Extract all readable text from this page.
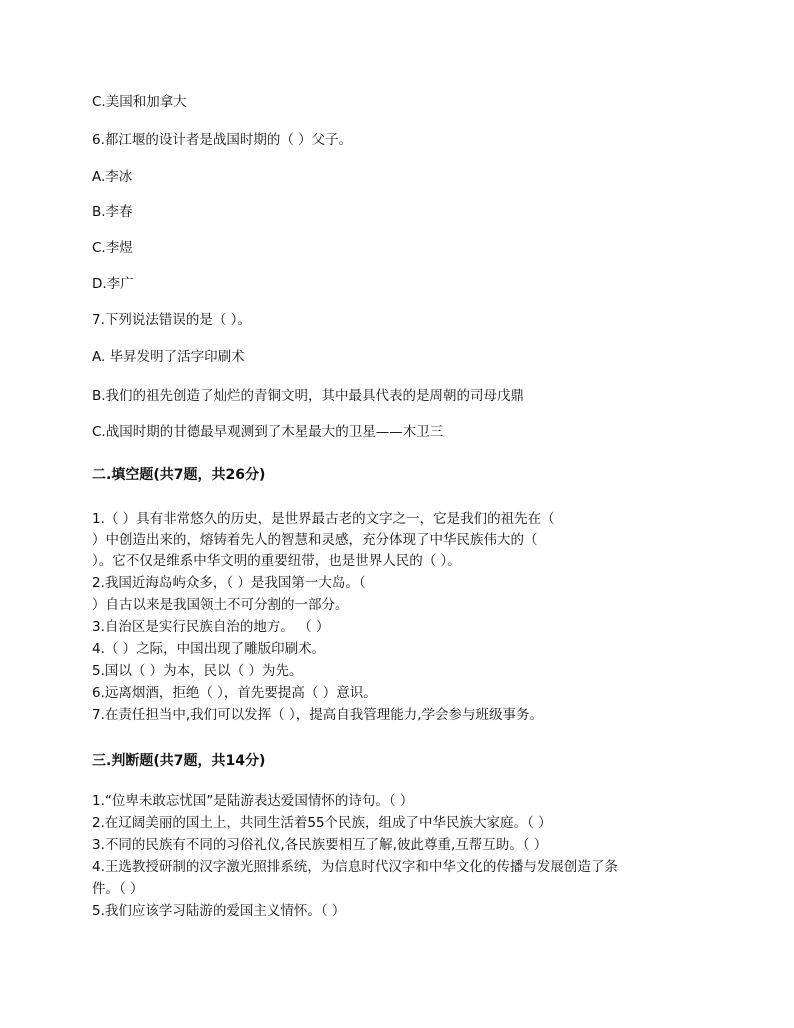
C.美国和加拿大
6.都江堰的设计者是战国时期的（ ）父子。
A.李冰
B.李春
C.李煜
D.李广
7.下列说法错误的是（ ）。
A. 毕昇发明了活字印刷术
B.我们的祖先创造了灿烂的青铜文明，其中最具代表的是周朝的司母戊鼎
C.战国时期的甘德最早观测到了木星最大的卫星——木卫三
二.填空题(共7题，共26分)
1.（ ）具有非常悠久的历史，是世界最古老的文字之一，它是我们的祖先在（
）中创造出来的，熔铸着先人的智慧和灵感，充分体现了中华民族伟大的（
）。它不仅是维系中华文明的重要纽带，也是世界人民的（ ）。
2.我国近海岛屿众多，（ ）是我国第一大岛。（
）自古以来是我国领土不可分割的一部分。
3.自治区是实行民族自治的地方。 （ ）
4.（ ）之际，中国出现了雕版印刷术。
5.国以（ ）为本，民以（ ）为先。
6.远离烟酒，拒绝（ ），首先要提高（ ）意识。
7.在责任担当中,我们可以发挥（ ），提高自我管理能力,学会参与班级事务。
三.判断题(共7题，共14分)
1.“位卑未敢忘忧国”是陆游表达爱国情怀的诗句。（ ）
2.在辽阔美丽的国土上，共同生活着55个民族，组成了中华民族大家庭。（ ）
3.不同的民族有不同的习俗礼仪,各民族要相互了解,彼此尊重,互帮互助。（ ）
4.王选教授研制的汉字激光照排系统，为信息时代汉字和中华文化的传播与发展创造了条
件。（ ）
5.我们应该学习陆游的爱国主义情怀。（ ）
